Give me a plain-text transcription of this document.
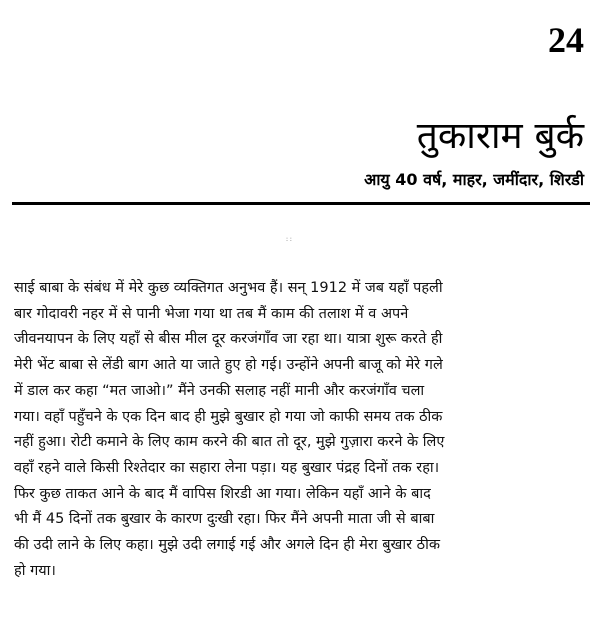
24
तुकाराम बुर्क
आयु 40 वर्ष, माहर, जमींदार, शिरडी
: :
साई बाबा के संबंध में मेरे कुछ व्यक्तिगत अनुभव हैं। सन् 1912 में जब यहाँ पहली
बार गोदावरी नहर में से पानी भेजा गया था तब मैं काम की तलाश में व अपने
जीवनयापन के लिए यहाँ से बीस मील दूर करजंगाँव जा रहा था। यात्रा शुरू करते ही
मेरी भेंट बाबा से लेंडी बाग आते या जाते हुए हो गई। उन्होंने अपनी बाजू को मेरे गले
में डाल कर कहा “मत जाओ।” मैंने उनकी सलाह नहीं मानी और करजंगाँव चला
गया। वहाँ पहुँचने के एक दिन बाद ही मुझे बुखार हो गया जो काफी समय तक ठीक
नहीं हुआ। रोटी कमाने के लिए काम करने की बात तो दूर, मुझे गुज़ारा करने के लिए
वहाँ रहने वाले किसी रिश्तेदार का सहारा लेना पड़ा। यह बुखार पंद्रह दिनों तक रहा।
फिर कुछ ताकत आने के बाद मैं वापिस शिरडी आ गया। लेकिन यहाँ आने के बाद
भी मैं 45 दिनों तक बुखार के कारण दुःखी रहा। फिर मैंने अपनी माता जी से बाबा
की उदी लाने के लिए कहा। मुझे उदी लगाई गई और अगले दिन ही मेरा बुखार ठीक
हो गया।
